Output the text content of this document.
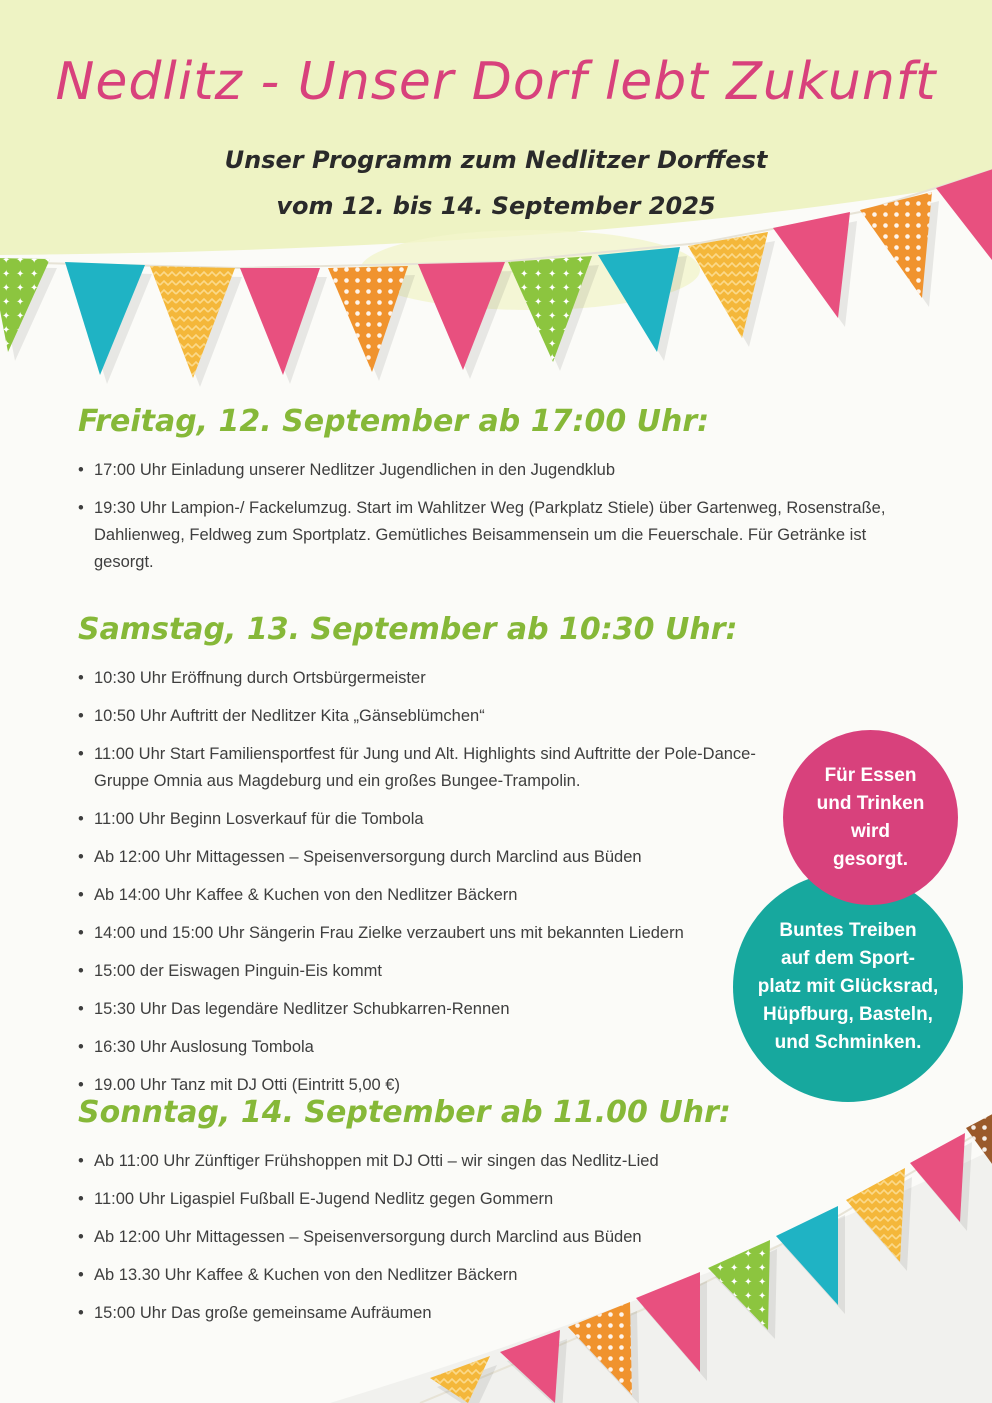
Nedlitz - Unser Dorf lebt Zukunft

Unser Programm zum Nedlitzer Dorffest

vom 12. bis 14. September 2025

Freitag, 12. September ab 17:00 Uhr:
• 17:00 Uhr Einladung unserer Nedlitzer Jugendlichen in den Jugendklub
• 19:30 Uhr Lampion-/ Fackelumzug. Start im Wahlitzer Weg (Parkplatz Stiele) über Gartenweg, Rosenstraße, Dahlienweg, Feldweg zum Sportplatz. Gemütliches Beisammensein um die Feuerschale. Für Getränke ist gesorgt.
Samstag, 13. September ab 10:30 Uhr:
• 10:30 Uhr Eröffnung durch Ortsbürgermeister
• 10:50 Uhr Auftritt der Nedlitzer Kita „Gänseblümchen“
• 11:00 Uhr Start Familiensportfest für Jung und Alt. Highlights sind Auftritte der Pole-Dance-Gruppe Omnia aus Magdeburg und ein großes Bungee-Trampolin.
• 11:00 Uhr Beginn Losverkauf für die Tombola
• Ab 12:00 Uhr Mittagessen – Speisenversorgung durch Marclind aus Büden
• Ab 14:00 Uhr Kaffee & Kuchen von den Nedlitzer Bäckern
• 14:00 und 15:00 Uhr Sängerin Frau Zielke verzaubert uns mit bekannten Liedern
• 15:00 der Eiswagen Pinguin-Eis kommt
• 15:30 Uhr Das legendäre Nedlitzer Schubkarren-Rennen
• 16:30 Uhr Auslosung Tombola
• 19.00 Uhr Tanz mit DJ Otti (Eintritt 5,00 €)
Sonntag, 14. September ab 11.00 Uhr:
• Ab 11:00 Uhr Zünftiger Frühshoppen mit DJ Otti – wir singen das Nedlitz-Lied
• 11:00 Uhr Ligaspiel Fußball E-Jugend Nedlitz gegen Gommern
• Ab 12:00 Uhr Mittagessen – Speisenversorgung durch Marclind aus Büden
• Ab 13.30 Uhr Kaffee & Kuchen von den Nedlitzer Bäckern
• 15:00 Uhr Das große gemeinsame Aufräumen
Buntes Treiben
auf dem Sport-
platz mit Glücksrad,
Hüpfburg, Basteln,
und Schminken.
Für Essen
und Trinken
wird
gesorgt.
